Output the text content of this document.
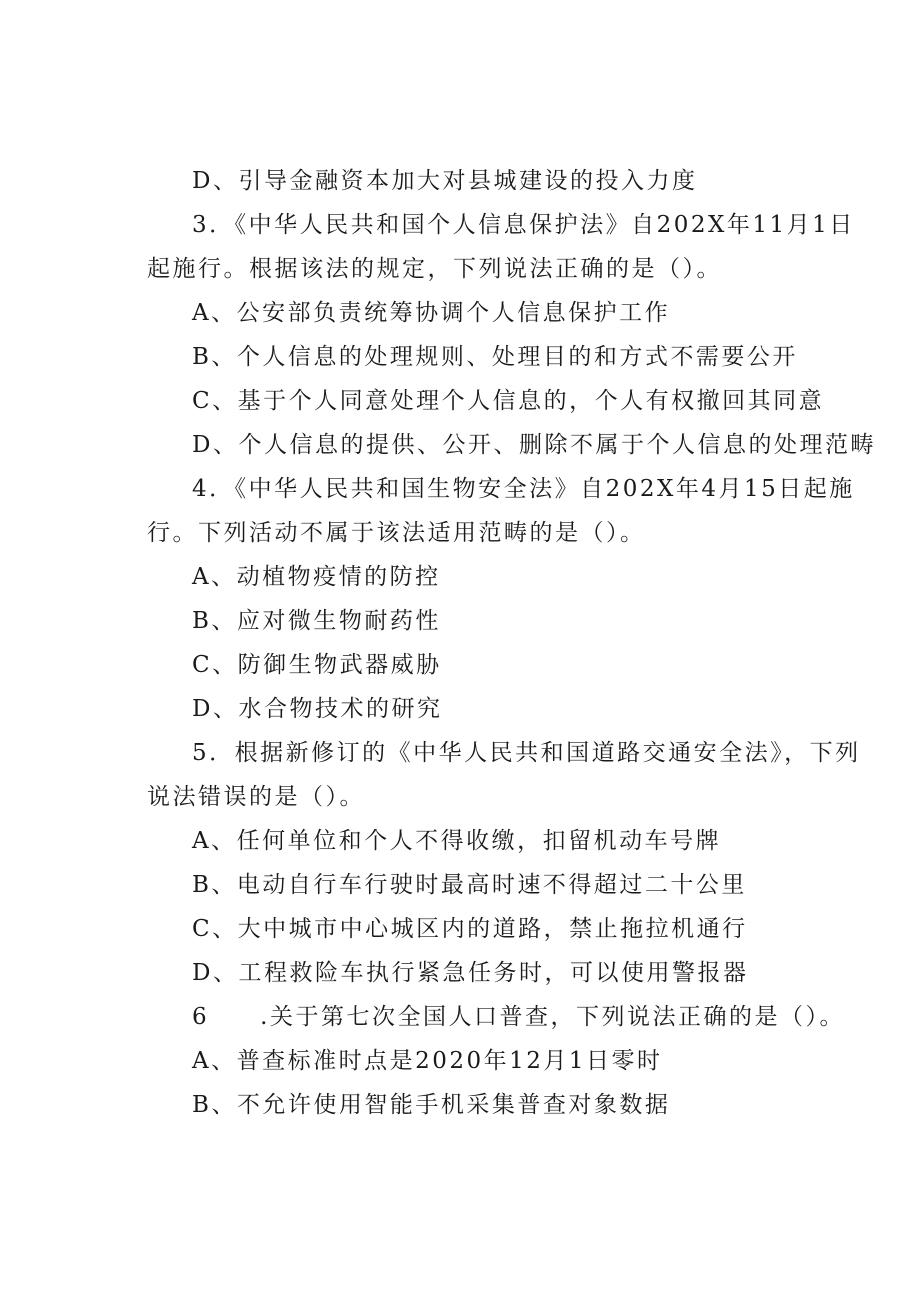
D、引导金融资本加大对县城建设的投入力度
3．《中华人民共和国个人信息保护法》自202X年11月1日
起施行。根据该法的规定，下列说法正确的是（）。
A、公安部负责统筹协调个人信息保护工作
B、个人信息的处理规则、处理目的和方式不需要公开
C、基于个人同意处理个人信息的，个人有权撤回其同意
D、个人信息的提供、公开、删除不属于个人信息的处理范畴
4．《中华人民共和国生物安全法》自202X年4月15日起施
行。下列活动不属于该法适用范畴的是（）。
A、动植物疫情的防控
B、应对微生物耐药性
C、防御生物武器威胁
D、水合物技术的研究
5．根据新修订的《中华人民共和国道路交通安全法》，下列
说法错误的是（）。
A、任何单位和个人不得收缴，扣留机动车号牌
B、电动自行车行驶时最高时速不得超过二十公里
C、大中城市中心城区内的道路，禁止拖拉机通行
D、工程救险车执行紧急任务时，可以使用警报器
6　　.关于第七次全国人口普查，下列说法正确的是（）。
A、普查标准时点是2020年12月1日零时
B、不允许使用智能手机采集普查对象数据
